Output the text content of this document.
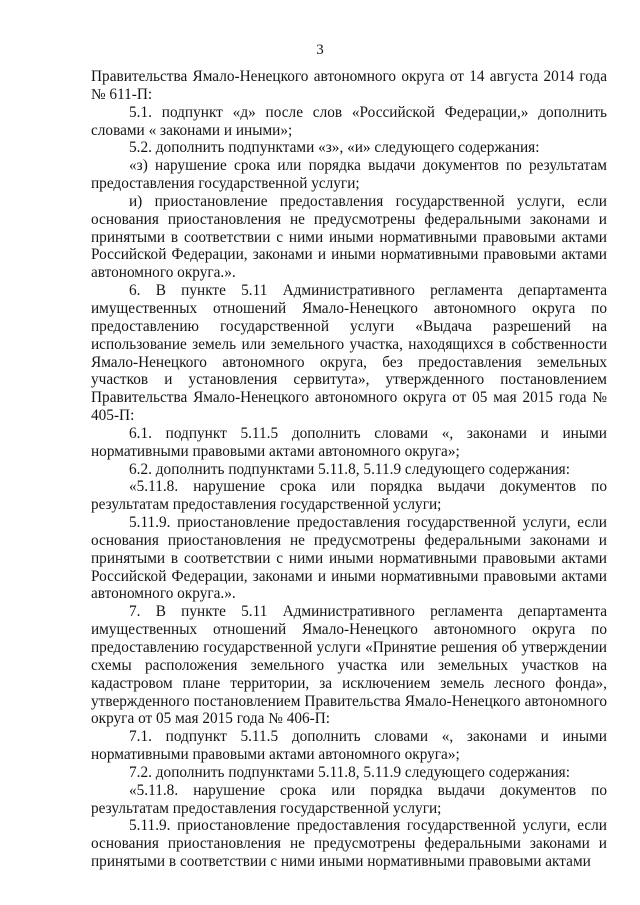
3

Правительства Ямало-Ненецкого автономного округа от 14 августа 2014 года № 611-П:

5.1. подпункт «д» после слов «Российской Федерации,» дополнить словами « законами и иными»;

5.2. дополнить подпунктами «з», «и» следующего содержания:

«з) нарушение срока или порядка выдачи документов по результатам предоставления государственной услуги;

и) приостановление предоставления государственной услуги, если основания приостановления не предусмотрены федеральными законами и принятыми в соответствии с ними иными нормативными правовыми актами Российской Федерации, законами и иными нормативными правовыми актами автономного округа.».

6. В пункте 5.11 Административного регламента департамента имущественных отношений Ямало-Ненецкого автономного округа по предоставлению государственной услуги «Выдача разрешений на использование земель или земельного участка, находящихся в собственности Ямало-Ненецкого автономного округа, без предоставления земельных участков и установления сервитута», утвержденного постановлением Правительства Ямало-Ненецкого автономного округа от 05 мая 2015 года № 405-П:

6.1. подпункт 5.11.5 дополнить словами «, законами и иными нормативными правовыми актами автономного округа»;

6.2. дополнить подпунктами 5.11.8, 5.11.9 следующего содержания:

«5.11.8. нарушение срока или порядка выдачи документов по результатам предоставления государственной услуги;

5.11.9. приостановление предоставления государственной услуги, если основания приостановления не предусмотрены федеральными законами и принятыми в соответствии с ними иными нормативными правовыми актами Российской Федерации, законами и иными нормативными правовыми актами автономного округа.».

7. В пункте 5.11 Административного регламента департамента имущественных отношений Ямало-Ненецкого автономного округа по предоставлению государственной услуги «Принятие решения об утверждении схемы расположения земельного участка или земельных участков на кадастровом плане территории, за исключением земель лесного фонда», утвержденного постановлением Правительства Ямало-Ненецкого автономного округа от 05 мая 2015 года № 406-П:

7.1. подпункт 5.11.5 дополнить словами «, законами и иными нормативными правовыми актами автономного округа»;

7.2. дополнить подпунктами 5.11.8, 5.11.9 следующего содержания:

«5.11.8. нарушение срока или порядка выдачи документов по результатам предоставления государственной услуги;

5.11.9. приостановление предоставления государственной услуги, если основания приостановления не предусмотрены федеральными законами и принятыми в соответствии с ними иными нормативными правовыми актами
